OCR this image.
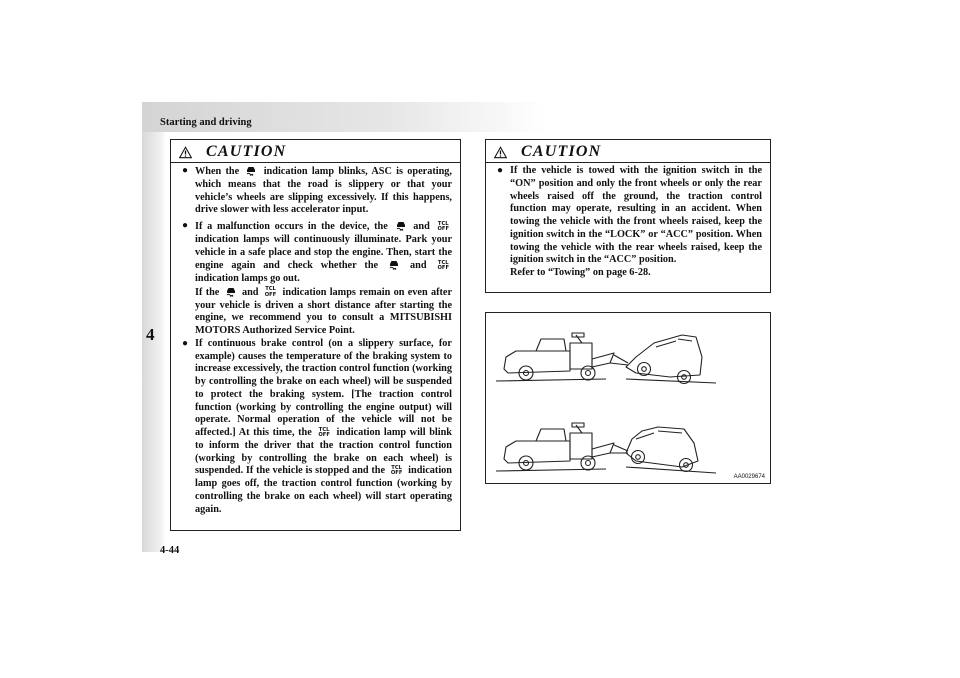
Starting and driving
4
CAUTION
● When the  indication lamp blinks, ASC is operating, which means that the road is slippery or that your vehicle’s wheels are slipping excessively. If this happens, drive slower with less accelerator input.
● If a malfunction occurs in the device, the  and TCL
OFF indication lamps will continuously illuminate. Park your vehicle in a safe place and stop the engine. Then, start the engine again and check whether the  and TCL
OFF indication lamps go out.
If the  and TCL
OFF indication lamps remain on even after your vehicle is driven a short distance after starting the engine, we recommend you to consult a MITSUBISHI MOTORS Authorized Service Point.
● If continuous brake control (on a slippery surface, for example) causes the temperature of the braking system to increase excessively, the traction control function (working by controlling the brake on each wheel) will be suspended to protect the braking system. [The traction control function (working by controlling the engine output) will operate. Normal operation of the vehicle will not be affected.] At this time, the TCL
OFF indication lamp will blink to inform the driver that the traction control function (working by controlling the brake on each wheel) is suspended. If the vehicle is stopped and the TCL
OFF indication lamp goes off, the traction control function (working by controlling the brake on each wheel) will start operating again.
CAUTION
● If the vehicle is towed with the ignition switch in the “ON” position and only the front wheels or only the rear wheels raised off the ground, the traction control function may operate, resulting in an accident. When towing the vehicle with the front wheels raised, keep the ignition switch in the “LOCK” or “ACC” position. When towing the vehicle with the rear wheels raised, keep the ignition switch in the “ACC” position.
Refer to “Towing” on page 6-28.
AA0029674
4-44
